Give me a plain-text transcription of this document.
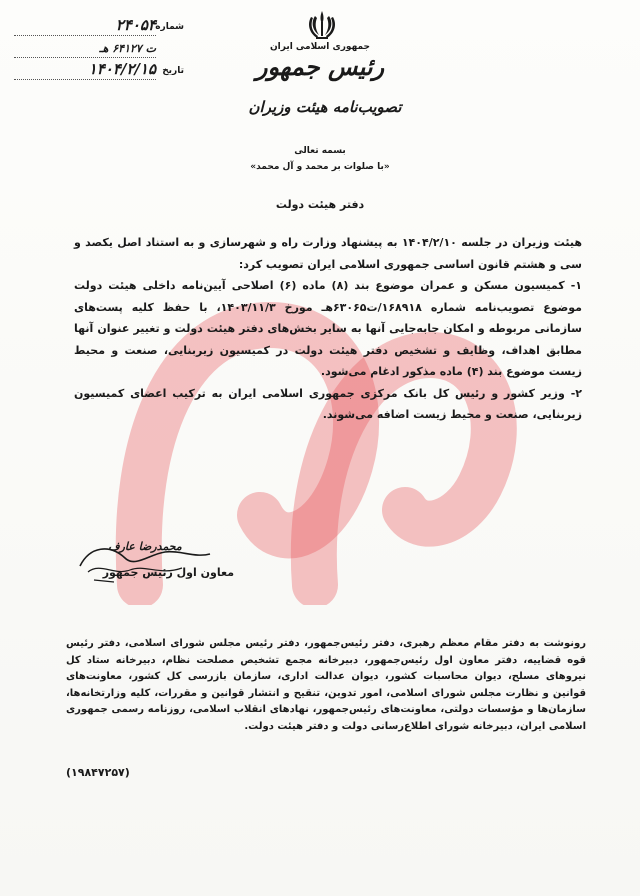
جمهوری اسلامی ایران
رئیس جمهور
تصویب‌نامه هیئت وزیران
شماره
۲۴۰۵۴
ت ۶۴۱۲۷ هـ
تاریخ
۱۴۰۴/۲/۱۵
بسمه تعالی
«با صلوات بر محمد و آل محمد»
دفتر هیئت دولت

هیئت وزیران در جلسه ۱۴۰۴/۲/۱۰ به پیشنهاد وزارت راه و شهرسازی و به استناد اصل یکصد و سی و هشتم قانون اساسی جمهوری اسلامی ایران تصویب کرد:

۱- کمیسیون مسکن و عمران موضوع بند (۸) ماده (۶) اصلاحی آیین‌نامه داخلی هیئت دولت موضوع تصویب‌نامه شماره ۱۶۸۹۱۸/ت۶۳۰۶۵هـ مورخ ۱۴۰۳/۱۱/۳، با حفظ کلیه پست‌های سازمانی مربوطه و امکان جابه‌جایی آنها به سایر بخش‌های دفتر هیئت دولت و تغییر عنوان آنها مطابق اهداف، وظایف و تشخیص دفتر هیئت دولت در کمیسیون زیربنایی، صنعت و محیط زیست موضوع بند (۴) ماده مذکور ادغام می‌شود.

۲- وزیر کشور و رئیس کل بانک مرکزی جمهوری اسلامی ایران به ترکیب اعضای کمیسیون زیربنایی، صنعت و محیط زیست اضافه می‌شوند.

محمدرضا عارف
معاون اول رئیس جمهور
رونوشت به دفتر مقام معظم رهبری، دفتر رئیس‌جمهور، دفتر رئیس مجلس شورای اسلامی، دفتر رئیس قوه قضاییه، دفتر معاون اول رئیس‌جمهور، دبیرخانه مجمع تشخیص مصلحت نظام، دبیرخانه ستاد کل نیروهای مسلح، دیوان محاسبات کشور، دیوان عدالت اداری، سازمان بازرسی کل کشور، معاونت‌های قوانین و نظارت مجلس شورای اسلامی، امور تدوین، تنقیح و انتشار قوانین و مقررات، کلیه وزارتخانه‌ها، سازمان‌ها و مؤسسات دولتی، معاونت‌های رئیس‌جمهور، نهادهای انقلاب اسلامی، روزنامه رسمی جمهوری اسلامی ایران، دبیرخانه شورای اطلاع‌رسانی دولت و دفتر هیئت دولت.
(۱۹۸۴۷۲۵۷)
